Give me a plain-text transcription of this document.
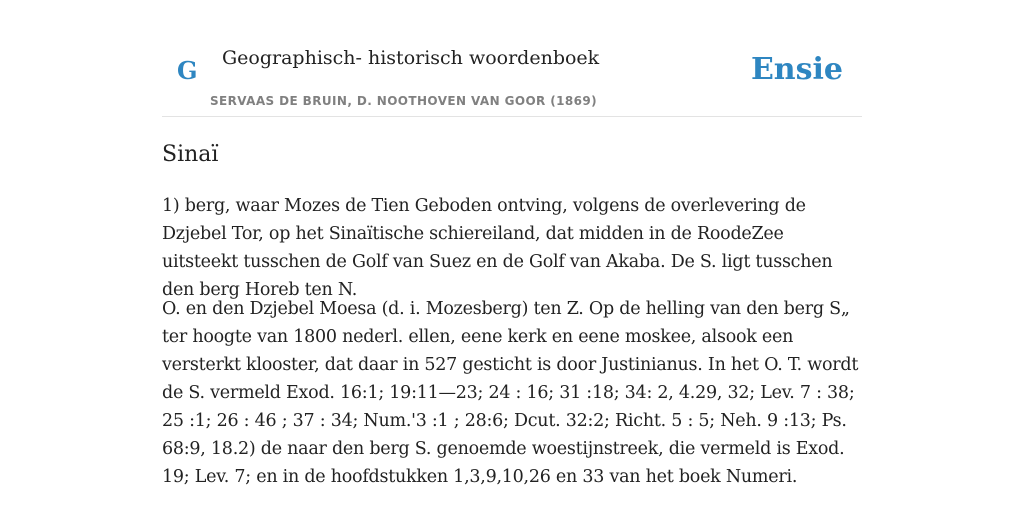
G Geographisch- historisch woordenboek
SERVAAS DE BRUIN, D. NOOTHOVEN VAN GOOR (1869)
Ensie
Sinaï

1) berg, waar Mozes de Tien Geboden ontving, volgens de overlevering de Dzjebel Tor, op het Sinaïtische schiereiland, dat midden in de RoodeZee uitsteekt tusschen de Golf van Suez en de Golf van Akaba. De S. ligt tusschen den berg Horeb ten N.

O. en den Dzjebel Moesa (d. i. Mozesberg) ten Z. Op de helling van den berg S„ ter hoogte van 1800 nederl. ellen, eene kerk en eene moskee, alsook een versterkt klooster, dat daar in 527 gesticht is door Justinianus. In het O. T. wordt de S. vermeld Exod. 16:1; 19:11—23; 24 : 16; 31 :18; 34: 2, 4.29, 32; Lev. 7 : 38; 25 :1; 26 : 46 ; 37 : 34; Num.'3 :1 ; 28:6; Dcut. 32:2; Richt. 5 : 5; Neh. 9 :13; Ps. 68:9, 18.2) de naar den berg S. genoemde woestijnstreek, die vermeld is Exod. 19; Lev. 7; en in de hoofdstukken 1,3,9,10,26 en 33 van het boek Numeri.
